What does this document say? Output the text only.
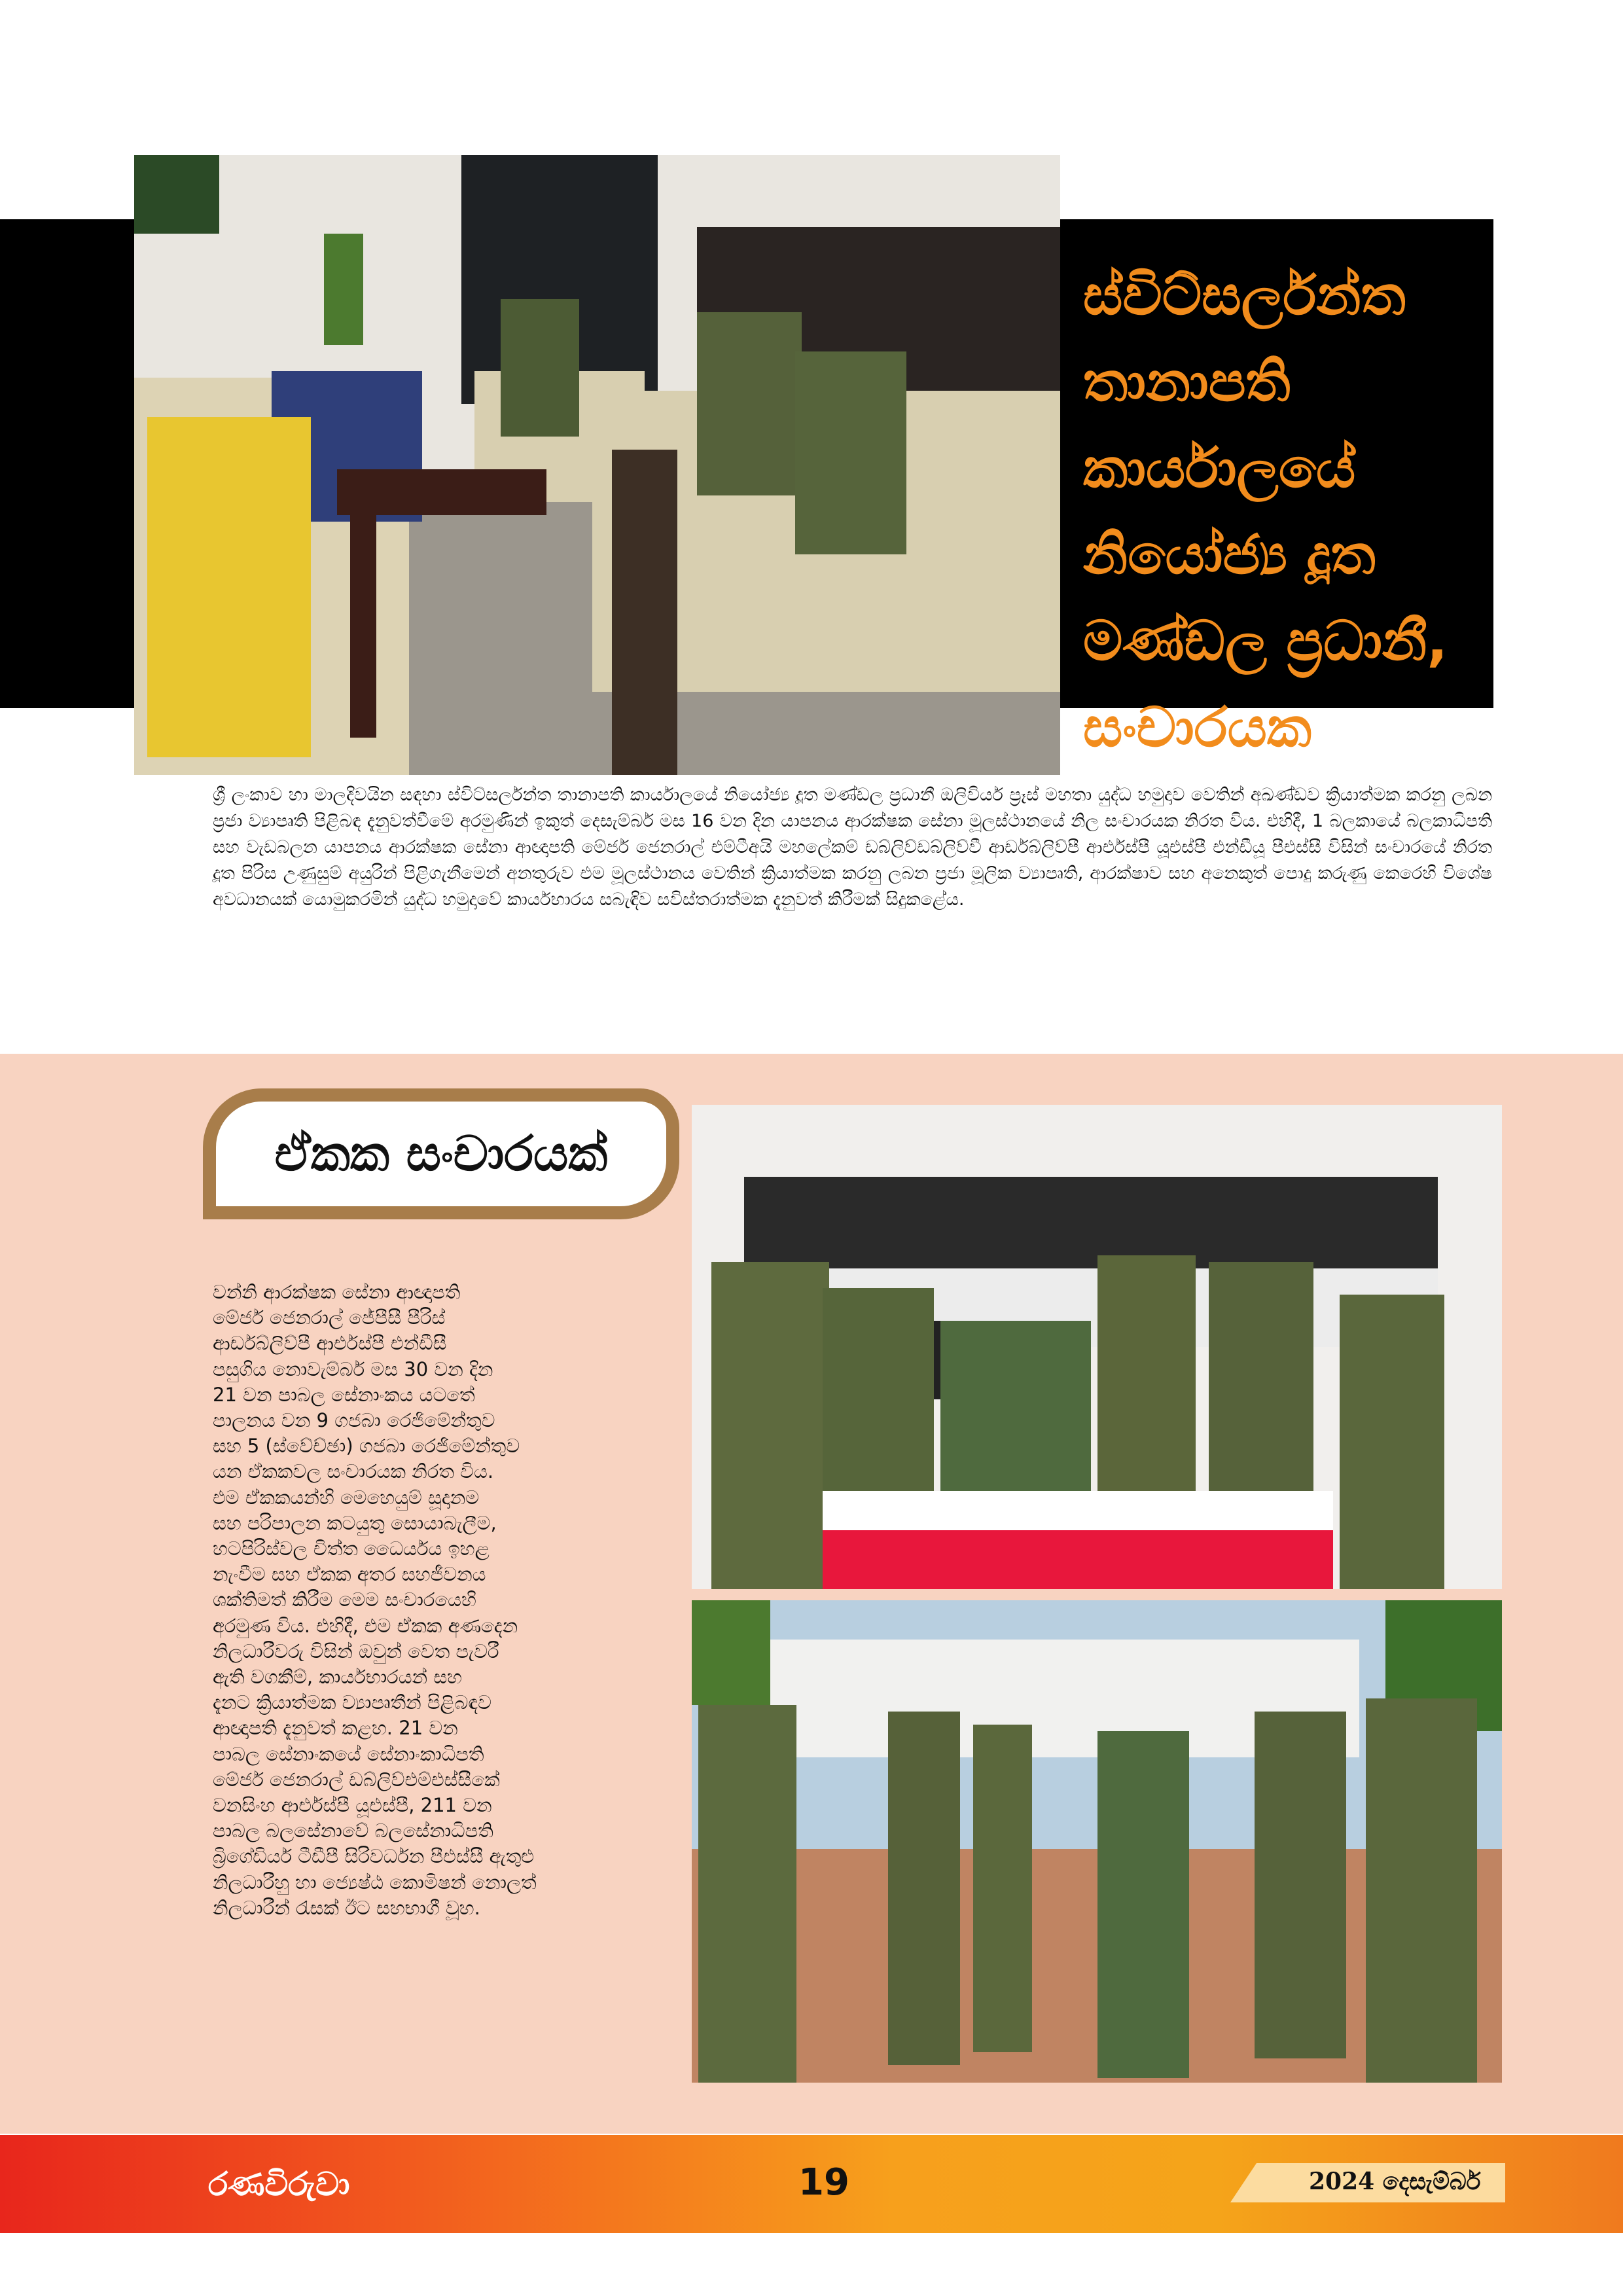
ස්විට්සර්ලන්ත
තානාපති
කාර්යාලයේ
නියෝජ්‍ය දූත
මණ්ඩල ප්‍රධානී,
සංචාරයක

ශ්‍රී ලංකාව හා මාලදිවයින සඳහා ස්විට්සර්ලන්ත තානාපති කාර්යාලයේ නියෝජ්‍ය දූත මණ්ඩල ප්‍රධානී ඔලිවියර් ප්‍රෑස් මහතා යුද්ධ හමුදාව වෙතින් අඛණ්ඩව ක්‍රියාත්මක කරනු ලබන ප්‍රජා ව්‍යාපෘති පිළිබඳ දැනුවත්වීමේ අරමුණින් ඉකුත් දෙසැම්බර් මස 16 වන දින යාපනය ආරක්ෂක සේනා මූලස්ථානයේ නිල සංචාරයක නිරත විය. එහිදී, 1 බලකායේ බලකාධිපති සහ වැඩබලන යාපනය ආරක්ෂක සේනා ආඥාපති මේජර් ජෙනරාල් එම්ටීඅයි මහලේකම් ඩබ්ලිව්ඩබ්ලිව්වී ආර්ඩබ්ලිව්පී ආර්එස්පී යූඑස්පී එන්ඩීයූ පීඑස්සී විසින් සංචාරයේ නිරත දූත පිරිස උණුසුම් අයුරින් පිළිගැනීමෙන් අනතුරුව එම මූලස්ථානය වෙතින් ක්‍රියාත්මක කරනු ලබන ප්‍රජා මූලික ව්‍යාපෘති, ආරක්ෂාව සහ අනෙකුත් පොදු කරුණු කෙරෙහි විශේෂ අවධානයක් යොමුකරමින් යුද්ධ හමුදාවේ කාර්යභාරය සබැඳිව සවිස්තරාත්මක දැනුවත් කිරීමක් සිදුකළේය.

ඒකක සංචාරයක්
වන්නි ආරක්ෂක සේනා ආඥාපති
මේජර් ජෙනරාල් ජේපීසී පීරිස්
ආර්ඩබ්ලිව්පී ආර්එස්පී එන්ඩීසී
පසුගිය නොවැම්බර් මස 30 වන දින
21 වන පාබල සේනාංකය යටතේ
පාලනය වන 9 ගජබා රෙජිමේන්තුව
සහ 5 (ස්වේච්ඡා) ගජබා රෙජිමේන්තුව
යන ඒකකවල සංචාරයක නිරත විය.
එම ඒකකයන්හි මෙහෙයුම් සූදානම
සහ පරිපාලන කටයුතු සොයාබැලීම,
හටපිරිස්වල චිත්ත ධෛර්යය ඉහළ
නැංවීම සහ ඒකක අතර සහජීවනය
ශක්තිමත් කිරීම මෙම සංචාරයෙහි
අරමුණ විය. එහිදී, එම ඒකක අණදෙන
නිලධාරීවරු විසින් ඔවුන් වෙත පැවරී
ඇති වගකීම්, කාර්යභාරයන් සහ
දැනට ක්‍රියාත්මක ව්‍යාපෘතීන් පිළිබඳව
ආඥාපති දැනුවත් කළහ. 21 වන
පාබල සේනාංකයේ සේනාංකාධිපති
මේජර් ජෙනරාල් ඩබ්ලිව්එම්එස්සීකේ
වනසිංහ ආර්එස්පී යූඑස්පී, 211 වන
පාබල බලසේනාවේ බලසේනාධිපති
බ්‍රිගේඩියර් ටීඩීපී සිරිවර්ධන පීඑස්සී ඇතුළු
නිලධාරීහු හා ජ්‍යෙෂ්ඨ කොමිෂන් නොලත්
නිලධාරීන් රැසක් ඊට සහභාගී වූහ.
රණවිරුවා	19	2024 දෙසැම්බර්
